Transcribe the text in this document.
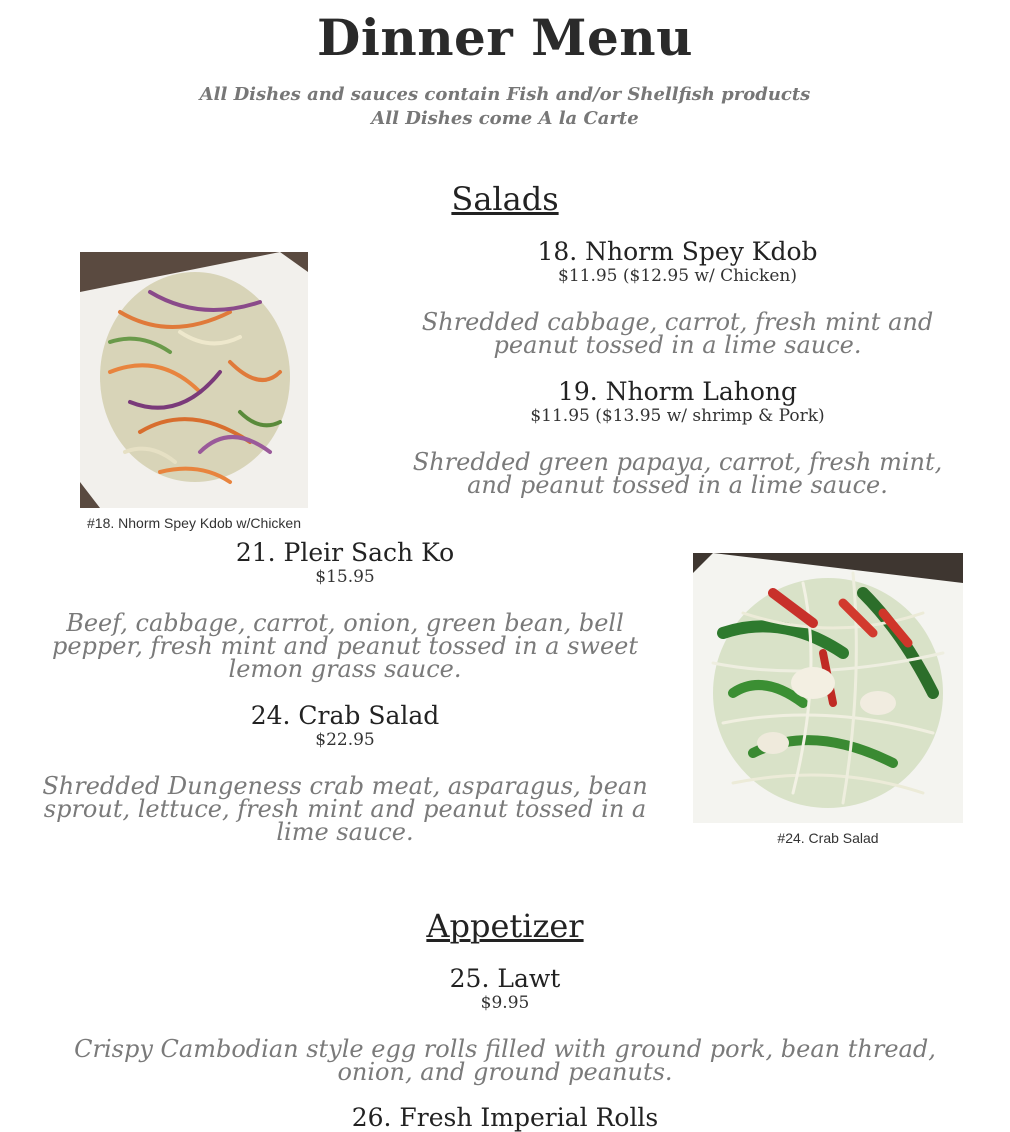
Dinner Menu
All Dishes and sauces contain Fish and/or Shellfish products
All Dishes come A la Carte
Salads
#18. Nhorm Spey Kdob w/Chicken
18. Nhorm Spey Kdob
$11.95 ($12.95 w/ Chicken)
Shredded cabbage, carrot, fresh mint and peanut tossed in a lime sauce.
19. Nhorm Lahong
$11.95 ($13.95 w/ shrimp & Pork)
Shredded green papaya, carrot, fresh mint, and peanut tossed in a lime sauce.
21. Pleir Sach Ko
$15.95
Beef, cabbage, carrot, onion, green bean, bell pepper, fresh mint and peanut tossed in a sweet lemon grass sauce.
24. Crab Salad
$22.95
Shredded Dungeness crab meat, asparagus, bean sprout, lettuce, fresh mint and peanut tossed in a lime sauce.	#24. Crab Salad
Appetizer
25. Lawt
$9.95
Crispy Cambodian style egg rolls filled with ground pork, bean thread, onion, and ground peanuts.
26. Fresh Imperial Rolls
